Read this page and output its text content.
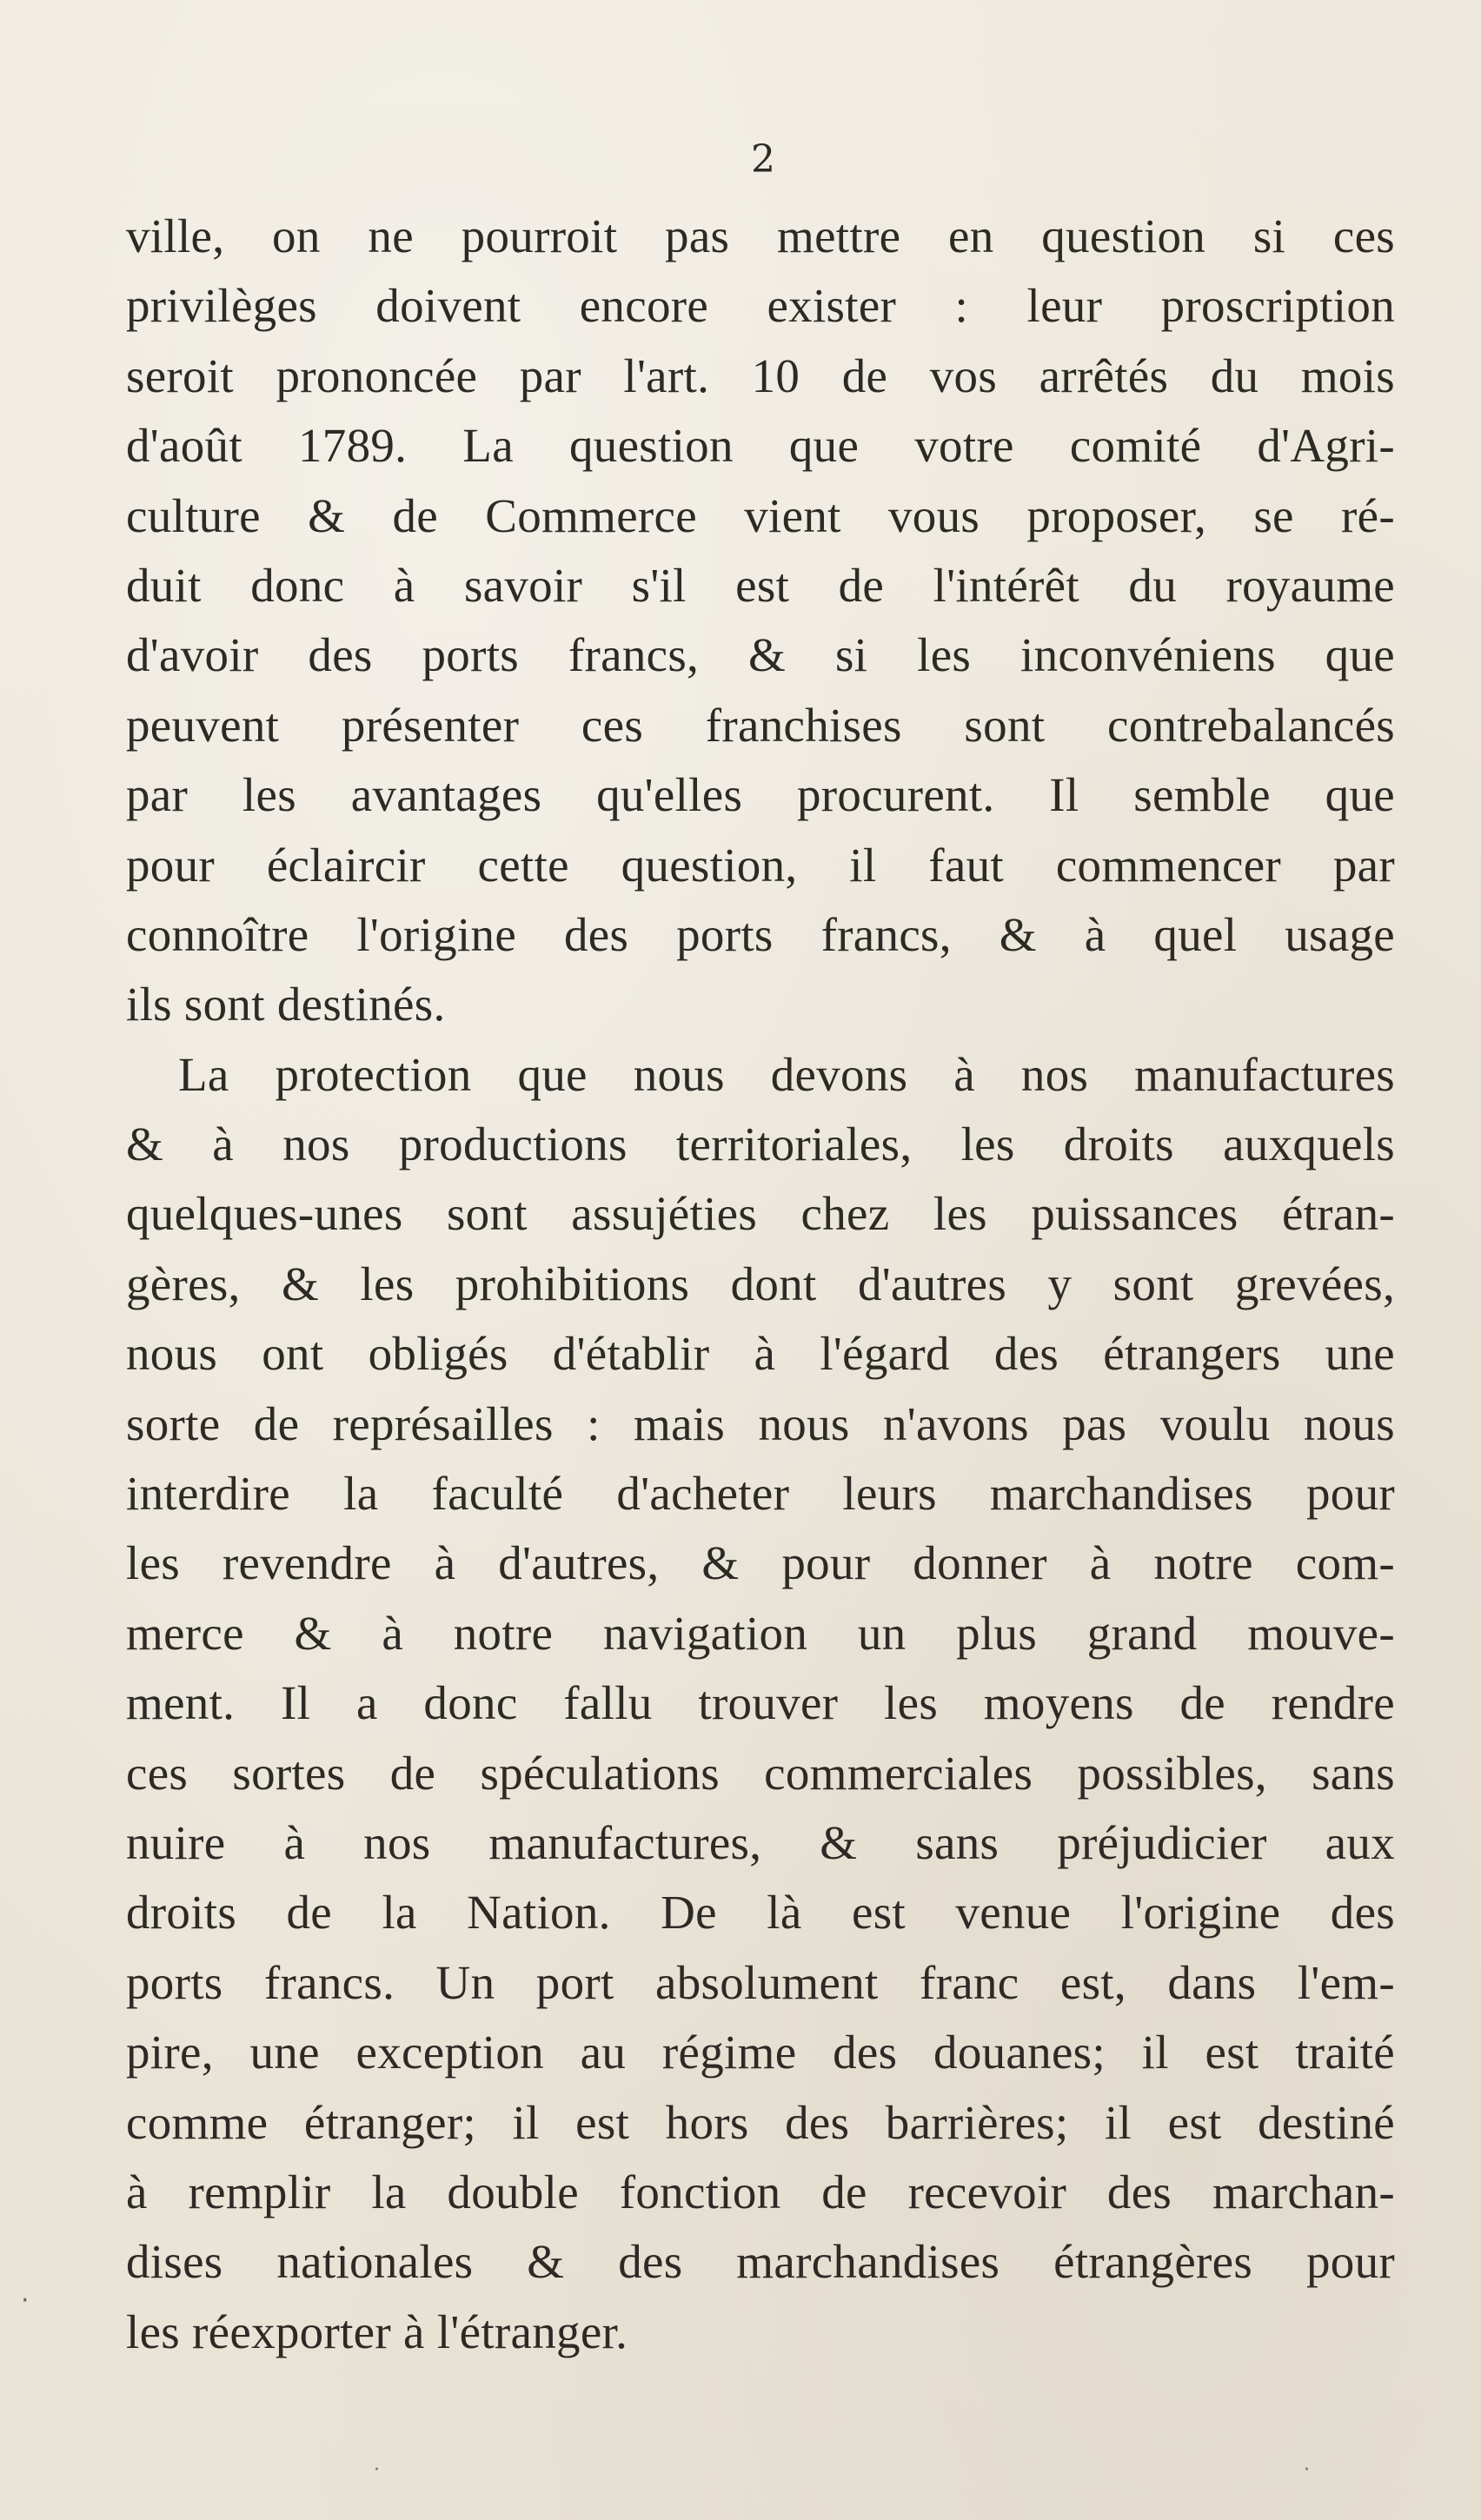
2
ville, on ne pourroit pas mettre en question si ces
privilèges doivent encore exister : leur proscription
seroit prononcée par l'art. 10 de vos arrêtés du mois
d'août 1789. La question que votre comité d'Agri-
culture & de Commerce vient vous proposer, se ré-
duit donc à savoir s'il est de l'intérêt du royaume
d'avoir des ports francs, & si les inconvéniens que
peuvent présenter ces franchises sont contrebalancés
par les avantages qu'elles procurent. Il semble que
pour éclaircir cette question, il faut commencer par
connoître l'origine des ports francs, & à quel usage
ils sont destinés.
La protection que nous devons à nos manufactures
& à nos productions territoriales, les droits auxquels
quelques-unes sont assujéties chez les puissances étran-
gères, & les prohibitions dont d'autres y sont grevées,
nous ont obligés d'établir à l'égard des étrangers une
sorte de représailles : mais nous n'avons pas voulu nous
interdire la faculté d'acheter leurs marchandises pour
les revendre à d'autres, & pour donner à notre com-
merce & à notre navigation un plus grand mouve-
ment. Il a donc fallu trouver les moyens de rendre
ces sortes de spéculations commerciales possibles, sans
nuire à nos manufactures, & sans préjudicier aux
droits de la Nation. De là est venue l'origine des
ports francs. Un port absolument franc est, dans l'em-
pire, une exception au régime des douanes; il est traité
comme étranger; il est hors des barrières; il est destiné
à remplir la double fonction de recevoir des marchan-
dises nationales & des marchandises étrangères pour
les réexporter à l'étranger.
·
·	·
